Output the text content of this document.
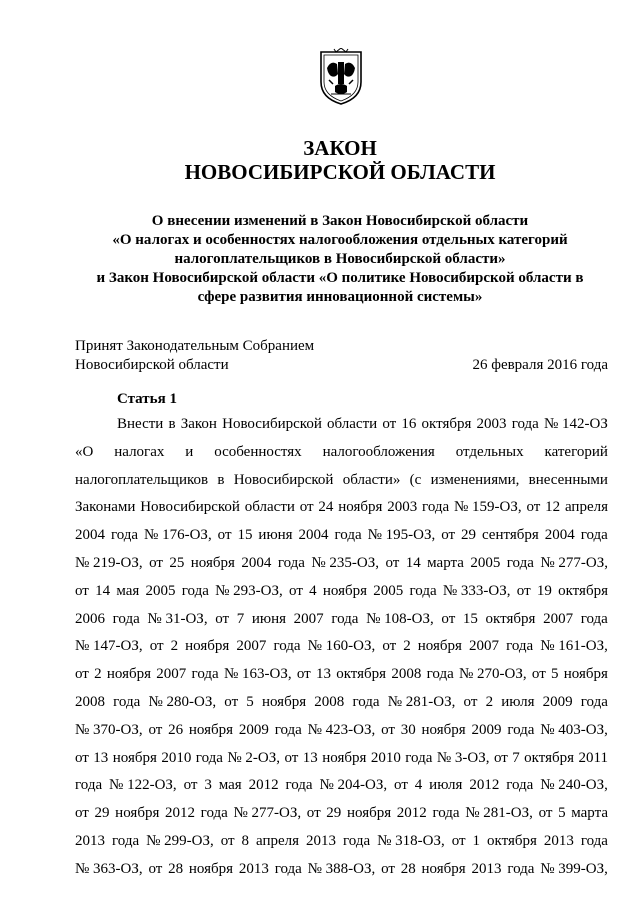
ЗАКОН
НОВОСИБИРСКОЙ ОБЛАСТИ
О внесении изменений в Закон Новосибирской области
«О налогах и особенностях налогообложения отдельных категорий
налогоплательщиков в Новосибирской области»
и Закон Новосибирской области «О политике Новосибирской области в
сфере развития инновационной системы»
Принят Законодательным Собранием
Новосибирской области	26 февраля 2016 года
Статья 1
Внести в Закон Новосибирской области от 16 октября 2003 года № 142-ОЗ
«О налогах и особенностях налогообложения отдельных категорий
налогоплательщиков в Новосибирской области» (с изменениями, внесенными
Законами Новосибирской области от 24 ноября 2003 года № 159-ОЗ, от 12 апреля
2004 года № 176-ОЗ, от 15 июня 2004 года № 195-ОЗ, от 29 сентября 2004 года
№ 219-ОЗ, от 25 ноября 2004 года № 235-ОЗ, от 14 марта 2005 года № 277-ОЗ,
от 14 мая 2005 года № 293-ОЗ, от 4 ноября 2005 года № 333-ОЗ, от 19 октября
2006 года № 31-ОЗ, от 7 июня 2007 года № 108-ОЗ, от 15 октября 2007 года
№ 147-ОЗ, от 2 ноября 2007 года № 160-ОЗ, от 2 ноября 2007 года № 161-ОЗ,
от 2 ноября 2007 года № 163-ОЗ, от 13 октября 2008 года № 270-ОЗ, от 5 ноября
2008 года № 280-ОЗ, от 5 ноября 2008 года № 281-ОЗ, от 2 июля 2009 года
№ 370-ОЗ, от 26 ноября 2009 года № 423-ОЗ, от 30 ноября 2009 года № 403-ОЗ,
от 13 ноября 2010 года № 2-ОЗ, от 13 ноября 2010 года № 3-ОЗ, от 7 октября 2011
года № 122-ОЗ, от 3 мая 2012 года № 204-ОЗ, от 4 июля 2012 года № 240-ОЗ,
от 29 ноября 2012 года № 277-ОЗ, от 29 ноября 2012 года № 281-ОЗ, от 5 марта
2013 года № 299-ОЗ, от 8 апреля 2013 года № 318-ОЗ, от 1 октября 2013 года
№ 363-ОЗ, от 28 ноября 2013 года № 388-ОЗ, от 28 ноября 2013 года № 399-ОЗ,
